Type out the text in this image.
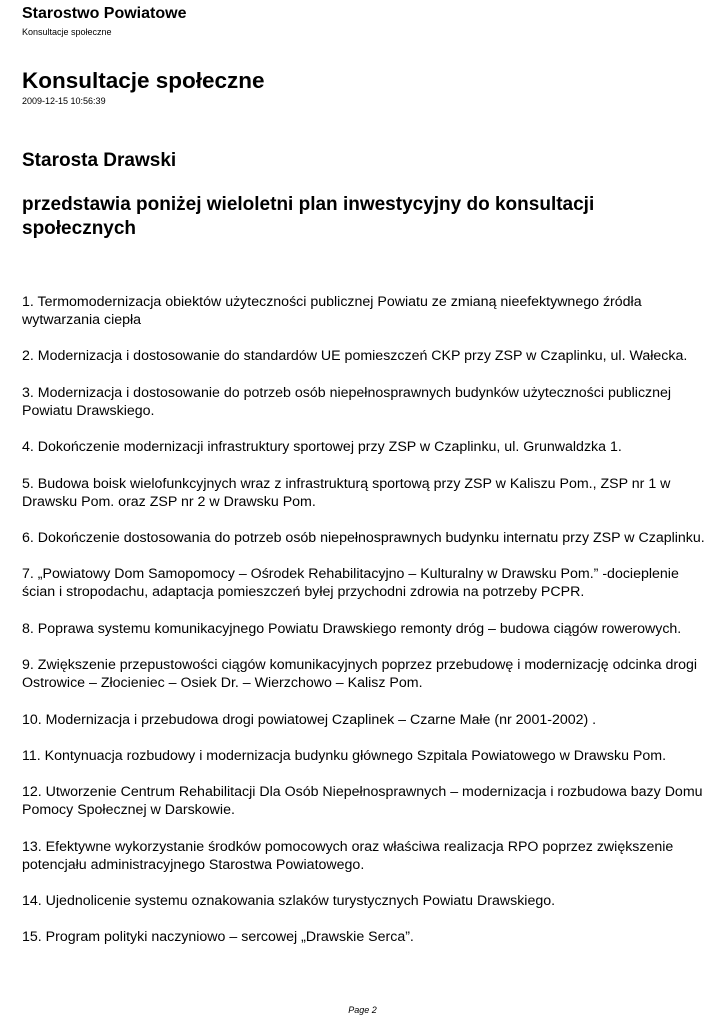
Starostwo Powiatowe
Konsultacje społeczne
Konsultacje społeczne
2009-12-15 10:56:39
Starosta Drawski
przedstawia poniżej wieloletni plan inwestycyjny do konsultacji społecznych
1. Termomodernizacja obiektów użyteczności publicznej Powiatu ze zmianą nieefektywnego źródła wytwarzania ciepła
2. Modernizacja i dostosowanie do standardów UE pomieszczeń CKP przy ZSP w Czaplinku, ul. Wałecka.
3. Modernizacja i dostosowanie do potrzeb osób niepełnosprawnych budynków użyteczności publicznej Powiatu Drawskiego.
4. Dokończenie modernizacji infrastruktury sportowej przy ZSP w Czaplinku, ul. Grunwaldzka 1.
5. Budowa boisk wielofunkcyjnych wraz z infrastrukturą sportową przy ZSP w Kaliszu Pom., ZSP nr 1 w Drawsku Pom. oraz ZSP nr 2 w Drawsku Pom.
6. Dokończenie dostosowania do potrzeb osób niepełnosprawnych budynku internatu przy ZSP w Czaplinku.
7. „Powiatowy Dom Samopomocy – Ośrodek Rehabilitacyjno – Kulturalny w Drawsku Pom.” -docieplenie ścian i stropodachu, adaptacja pomieszczeń byłej przychodni zdrowia na potrzeby PCPR.
8. Poprawa systemu komunikacyjnego Powiatu Drawskiego remonty dróg – budowa ciągów rowerowych.
9. Zwiększenie przepustowości ciągów komunikacyjnych poprzez przebudowę i modernizację odcinka drogi Ostrowice – Złocieniec – Osiek Dr. – Wierzchowo – Kalisz Pom.
10. Modernizacja i przebudowa drogi powiatowej Czaplinek – Czarne Małe (nr 2001-2002) .
11. Kontynuacja rozbudowy i modernizacja budynku głównego Szpitala Powiatowego w Drawsku Pom.
12. Utworzenie Centrum Rehabilitacji Dla Osób Niepełnosprawnych – modernizacja i rozbudowa bazy Domu Pomocy Społecznej w Darskowie.
13. Efektywne wykorzystanie środków pomocowych oraz właściwa realizacja RPO poprzez zwiększenie potencjału administracyjnego Starostwa Powiatowego.
14. Ujednolicenie systemu oznakowania szlaków turystycznych Powiatu Drawskiego.
15. Program polityki naczyniowo – sercowej „Drawskie Serca”.
Page 2
